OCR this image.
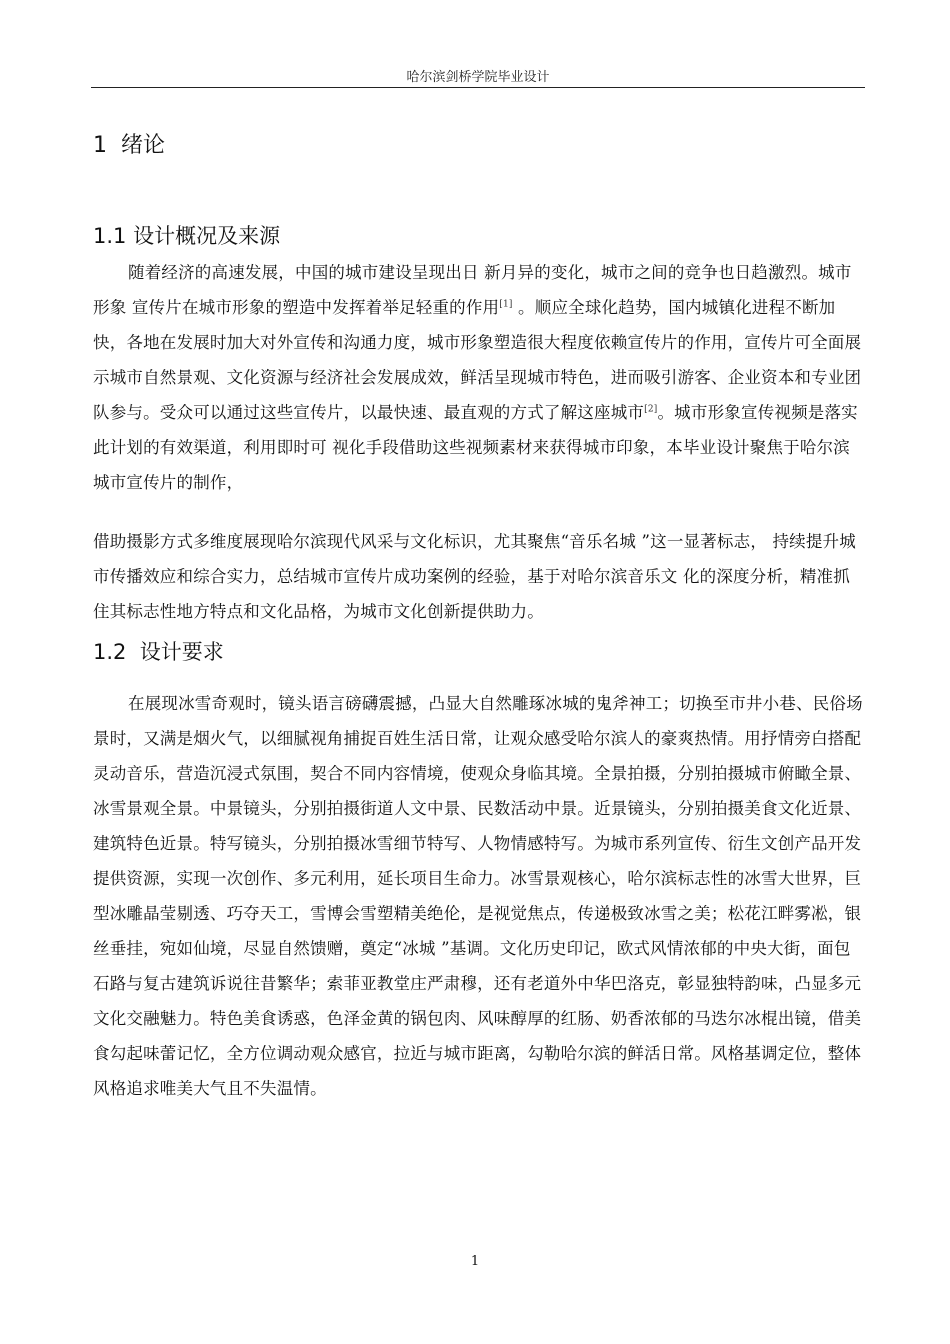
哈尔滨剑桥学院毕业设计
1 绪论
1.1 设计概况及来源
随着经济的高速发展，中国的城市建设呈现出日 新月异的变化，城市之间的竞争也日趋激烈。城市形象 宣传片在城市形象的塑造中发挥着举足轻重的作用[1] 。顺应全球化趋势，国内城镇化进程不断加快，各地在发展时加大对外宣传和沟通力度，城市形象塑造很大程度依赖宣传片的作用，宣传片可全面展示城市自然景观、文化资源与经济社会发展成效，鲜活呈现城市特色，进而吸引游客、企业资本和专业团队参与。受众可以通过这些宣传片，以最快速、最直观的方式了解这座城市[2]。城市形象宣传视频是落实此计划的有效渠道，利用即时可 视化手段借助这些视频素材来获得城市印象，本毕业设计聚焦于哈尔滨城市宣传片的制作，
借助摄影方式多维度展现哈尔滨现代风采与文化标识，尤其聚焦“音乐名城 ”这一显著标志， 持续提升城市传播效应和综合实力，总结城市宣传片成功案例的经验，基于对哈尔滨音乐文 化的深度分析，精准抓住其标志性地方特点和文化品格，为城市文化创新提供助力。
1.2 设计要求
在展现冰雪奇观时，镜头语言磅礴震撼，凸显大自然雕琢冰城的鬼斧神工；切换至市井小巷、民俗场景时，又满是烟火气，以细腻视角捕捉百姓生活日常，让观众感受哈尔滨人的豪爽热情。用抒情旁白搭配灵动音乐，营造沉浸式氛围，契合不同内容情境，使观众身临其境。全景拍摄，分别拍摄城市俯瞰全景、冰雪景观全景。中景镜头，分别拍摄街道人文中景、民数活动中景。近景镜头，分别拍摄美食文化近景、建筑特色近景。特写镜头，分别拍摄冰雪细节特写、人物情感特写。为城市系列宣传、衍生文创产品开发提供资源，实现一次创作、多元利用，延长项目生命力。冰雪景观核心，哈尔滨标志性的冰雪大世界，巨型冰雕晶莹剔透、巧夺天工，雪博会雪塑精美绝伦，是视觉焦点，传递极致冰雪之美；松花江畔雾凇，银丝垂挂，宛如仙境，尽显自然馈赠，奠定“冰城 ”基调。文化历史印记，欧式风情浓郁的中央大街，面包石路与复古建筑诉说往昔繁华；索菲亚教堂庄严肃穆，还有老道外中华巴洛克，彰显独特韵味，凸显多元文化交融魅力。特色美食诱惑，色泽金黄的锅包肉、风味醇厚的红肠、奶香浓郁的马迭尔冰棍出镜，借美食勾起味蕾记忆，全方位调动观众感官，拉近与城市距离，勾勒哈尔滨的鲜活日常。风格基调定位，整体风格追求唯美大气且不失温情。
1
